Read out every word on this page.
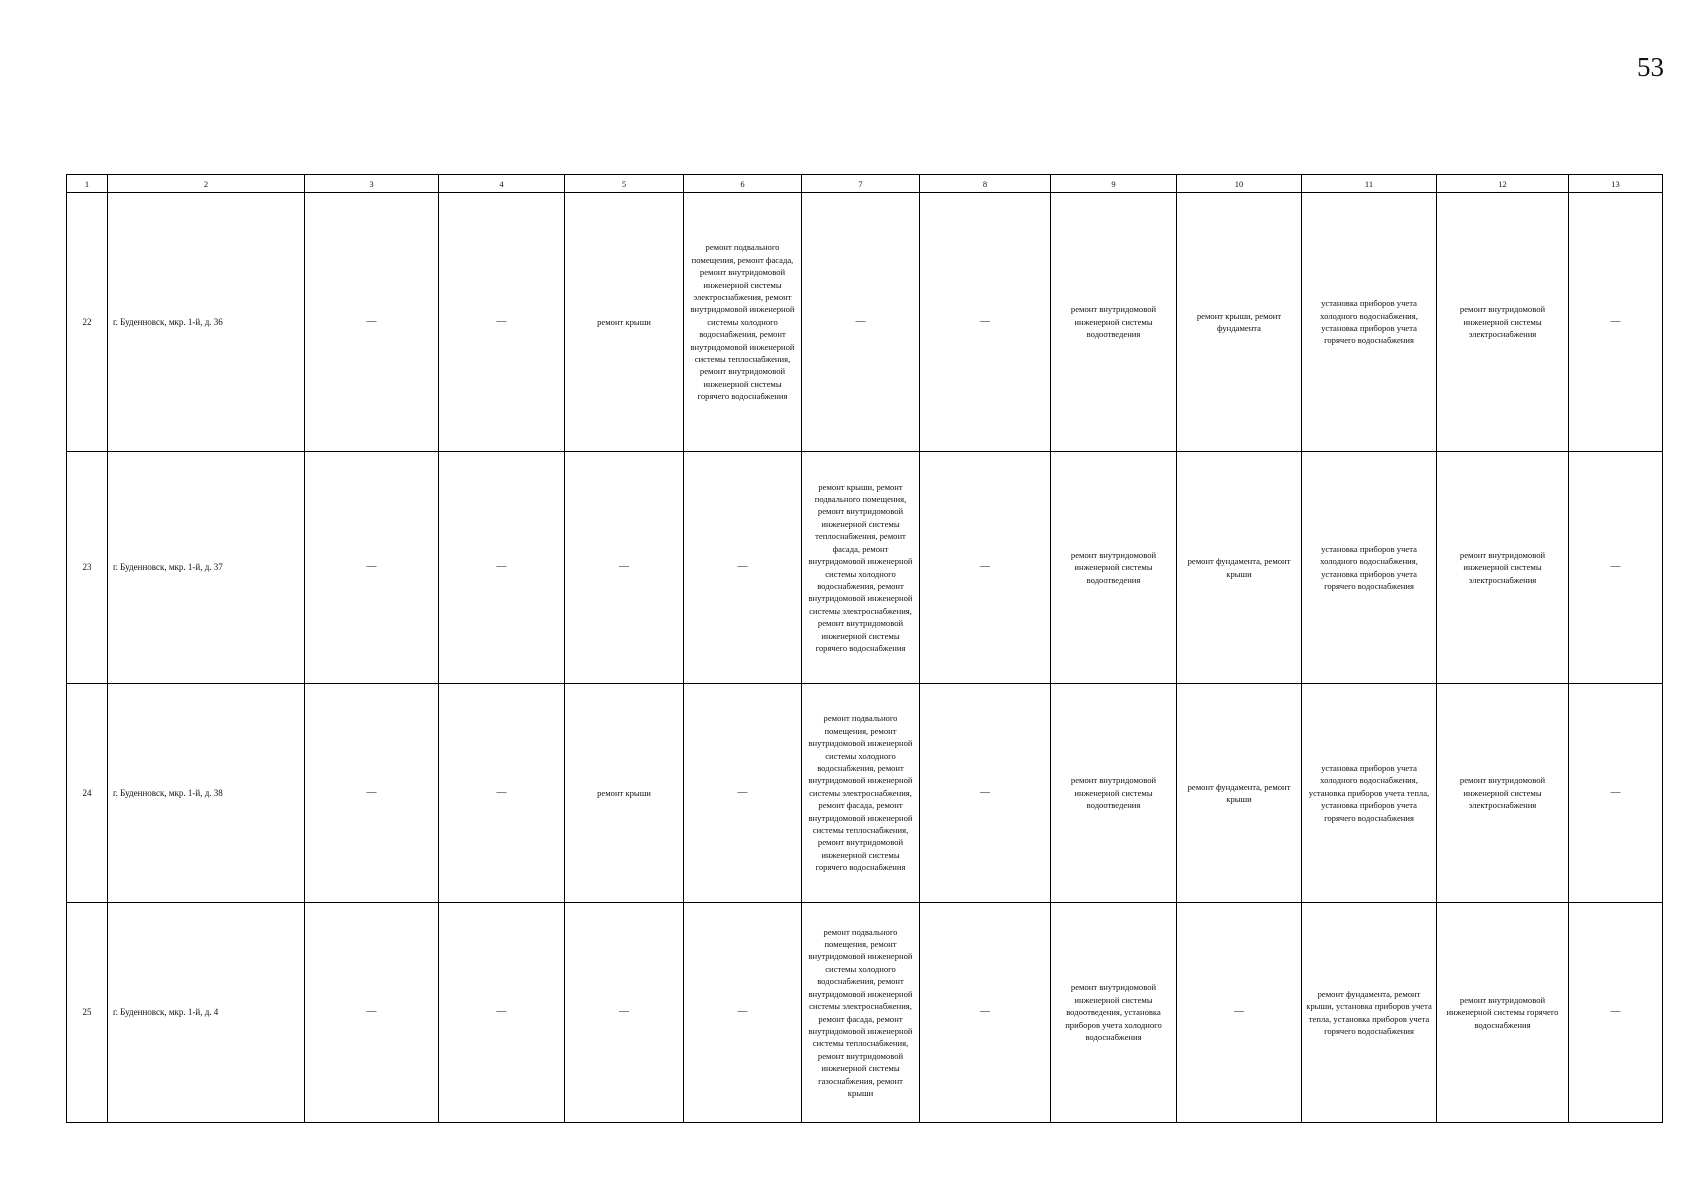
53
1	2	3	4	5	6	7	8	9	10	11	12	13
22	г. Буденновск, мкр. 1-й, д. 36	—	—	ремонт крыши	ремонт подвального помещения, ремонт фасада, ремонт внутридомовой инженерной системы электроснабжения, ремонт внутридомовой инженерной системы холодного водоснабжения, ремонт внутридомовой инженерной системы теплоснабжения, ремонт внутридомовой инженерной системы горячего водоснабжения	—	—	ремонт внутридомовой инженерной системы водоотведения	ремонт крыши, ремонт фундамента	установка приборов учета холодного водоснабжения, установка приборов учета горячего водоснабжения	ремонт внутридомовой инженерной системы электроснабжения	—
23	г. Буденновск, мкр. 1-й, д. 37	—	—	—	—	ремонт крыши, ремонт подвального помещения, ремонт внутридомовой инженерной системы теплоснабжения, ремонт фасада, ремонт внутридомовой инженерной системы холодного водоснабжения, ремонт внутридомовой инженерной системы электроснабжения, ремонт внутридомовой инженерной системы горячего водоснабжения	—	ремонт внутридомовой инженерной системы водоотведения	ремонт фундамента, ремонт крыши	установка приборов учета холодного водоснабжения, установка приборов учета горячего водоснабжения	ремонт внутридомовой инженерной системы электроснабжения	—
24	г. Буденновск, мкр. 1-й, д. 38	—	—	ремонт крыши	—	ремонт подвального помещения, ремонт внутридомовой инженерной системы холодного водоснабжения, ремонт внутридомовой инженерной системы электроснабжения, ремонт фасада, ремонт внутридомовой инженерной системы теплоснабжения, ремонт внутридомовой инженерной системы горячего водоснабжения	—	ремонт внутридомовой инженерной системы водоотведения	ремонт фундамента, ремонт крыши	установка приборов учета холодного водоснабжения, установка приборов учета тепла, установка приборов учета горячего водоснабжения	ремонт внутридомовой инженерной системы электроснабжения	—
25	г. Буденновск, мкр. 1-й, д. 4	—	—	—	—	ремонт подвального помещения, ремонт внутридомовой инженерной системы холодного водоснабжения, ремонт внутридомовой инженерной системы электроснабжения, ремонт фасада, ремонт внутридомовой инженерной системы теплоснабжения, ремонт внутридомовой инженерной системы газоснабжения, ремонт крыши	—	ремонт внутридомовой инженерной системы водоотведения, установка приборов учета холодного водоснабжения	—	ремонт фундамента, ремонт крыши, установка приборов учета тепла, установка приборов учета горячего водоснабжения	ремонт внутридомовой инженерной системы горячего водоснабжения	—
